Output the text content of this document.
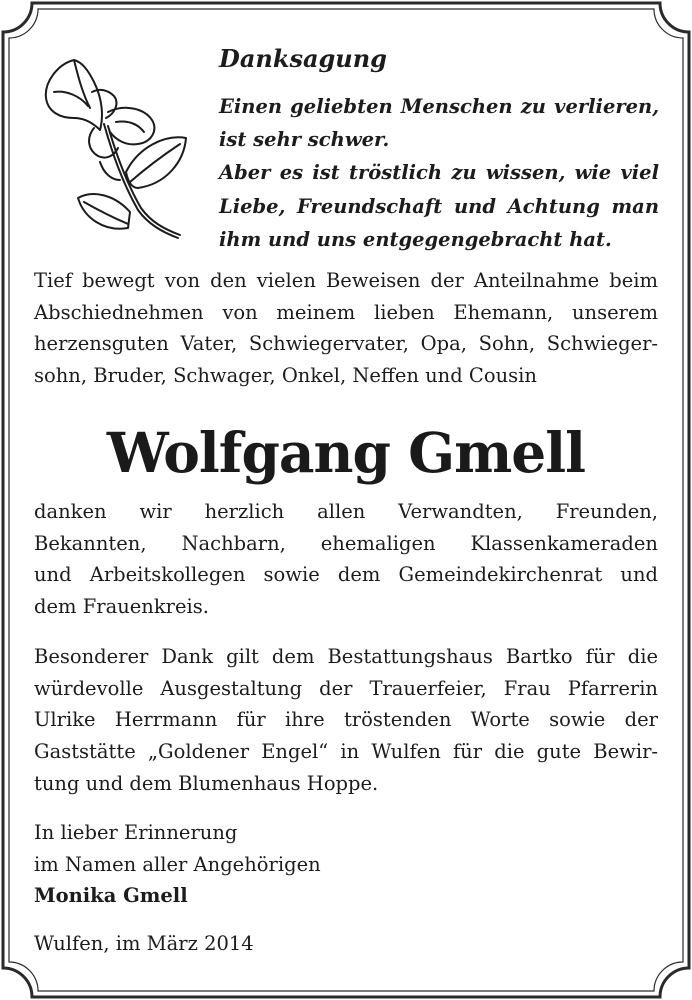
Danksagung
Einen geliebten Menschen zu verlieren,
ist sehr schwer.
Aber es ist tröstlich zu wissen, wie viel
Liebe, Freundschaft und Achtung man
ihm und uns entgegengebracht hat.
Tief bewegt von den vielen Beweisen der Anteilnahme beim
Abschiednehmen von meinem lieben Ehemann, unserem
herzensguten Vater, Schwiegervater, Opa, Sohn, Schwieger-
sohn, Bruder, Schwager, Onkel, Neffen und Cousin
Wolfgang Gmell
danken wir herzlich allen Verwandten, Freunden,
Bekannten, Nachbarn, ehemaligen Klassenkameraden
und Arbeitskollegen sowie dem Gemeindekirchenrat und
dem Frauenkreis.
Besonderer Dank gilt dem Bestattungshaus Bartko für die
würdevolle Ausgestaltung der Trauerfeier, Frau Pfarrerin
Ulrike Herrmann für ihre tröstenden Worte sowie der
Gaststätte „Goldener Engel“ in Wulfen für die gute Bewir-
tung und dem Blumenhaus Hoppe.
In lieber Erinnerung
im Namen aller Angehörigen
Monika Gmell
Wulfen, im März 2014
